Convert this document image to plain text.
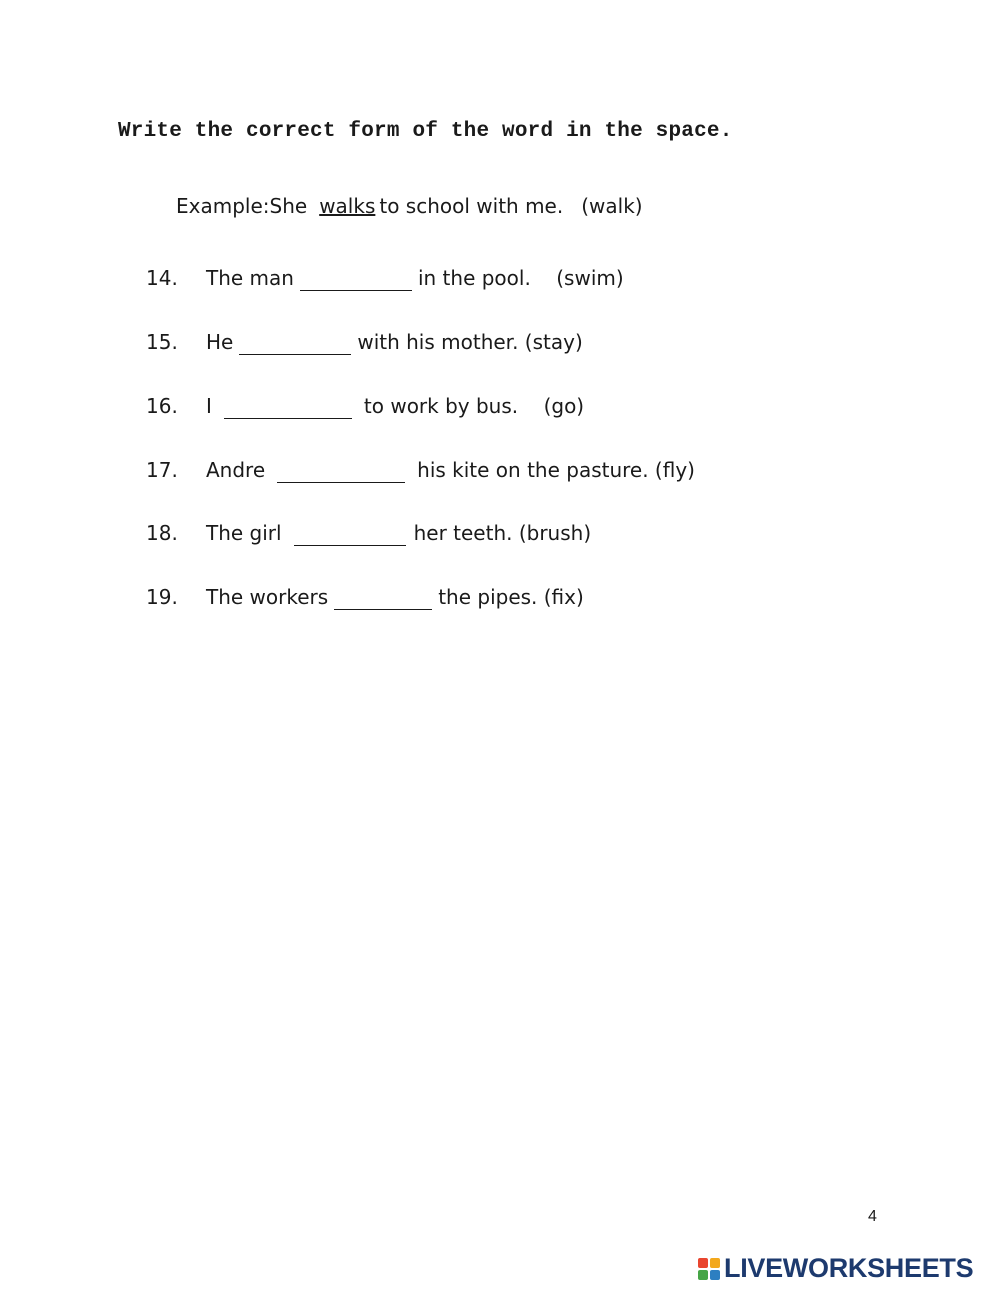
Write the correct form of the word in the space.
Example:She walks to school with me. (walk)
14.	The man	in the pool.    (swim)
15.	He	with his mother. (stay)
16.	I	to work by bus.    (go)
17.	Andre	his kite on the pasture. (fly)
18.	The girl	her teeth. (brush)
19.	The workers	the pipes. (fix)
4
LIVEWORKSHEETS
